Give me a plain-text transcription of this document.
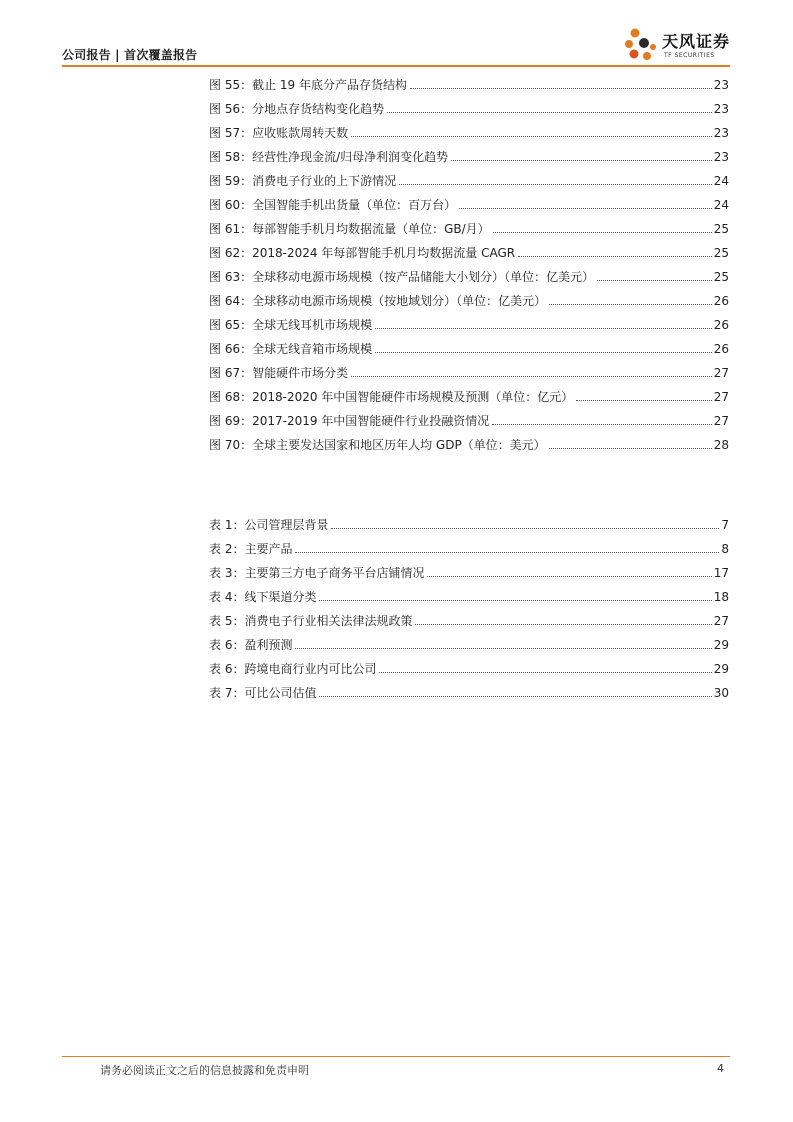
公司报告 | 首次覆盖报告
天风证券
TF SECURITIES
图 55：截止 19 年底分产品存货结构	23
图 56：分地点存货结构变化趋势	23
图 57：应收账款周转天数	23
图 58：经营性净现金流/归母净利润变化趋势	23
图 59：消费电子行业的上下游情况	24
图 60：全国智能手机出货量（单位：百万台）	24
图 61：每部智能手机月均数据流量（单位：GB/月）	25
图 62：2018-2024 年每部智能手机月均数据流量 CAGR	25
图 63：全球移动电源市场规模（按产品储能大小划分）（单位：亿美元）	25
图 64：全球移动电源市场规模（按地域划分）（单位：亿美元）	26
图 65：全球无线耳机市场规模	26
图 66：全球无线音箱市场规模	26
图 67：智能硬件市场分类	27
图 68：2018-2020 年中国智能硬件市场规模及预测（单位：亿元）	27
图 69：2017-2019 年中国智能硬件行业投融资情况	27
图 70：全球主要发达国家和地区历年人均 GDP（单位：美元）	28
表 1：公司管理层背景	7
表 2：主要产品	8
表 3：主要第三方电子商务平台店铺情况	17
表 4：线下渠道分类	18
表 5：消费电子行业相关法律法规政策	27
表 6：盈利预测	29
表 6：跨境电商行业内可比公司	29
表 7：可比公司估值	30
请务必阅读正文之后的信息披露和免责申明	4
